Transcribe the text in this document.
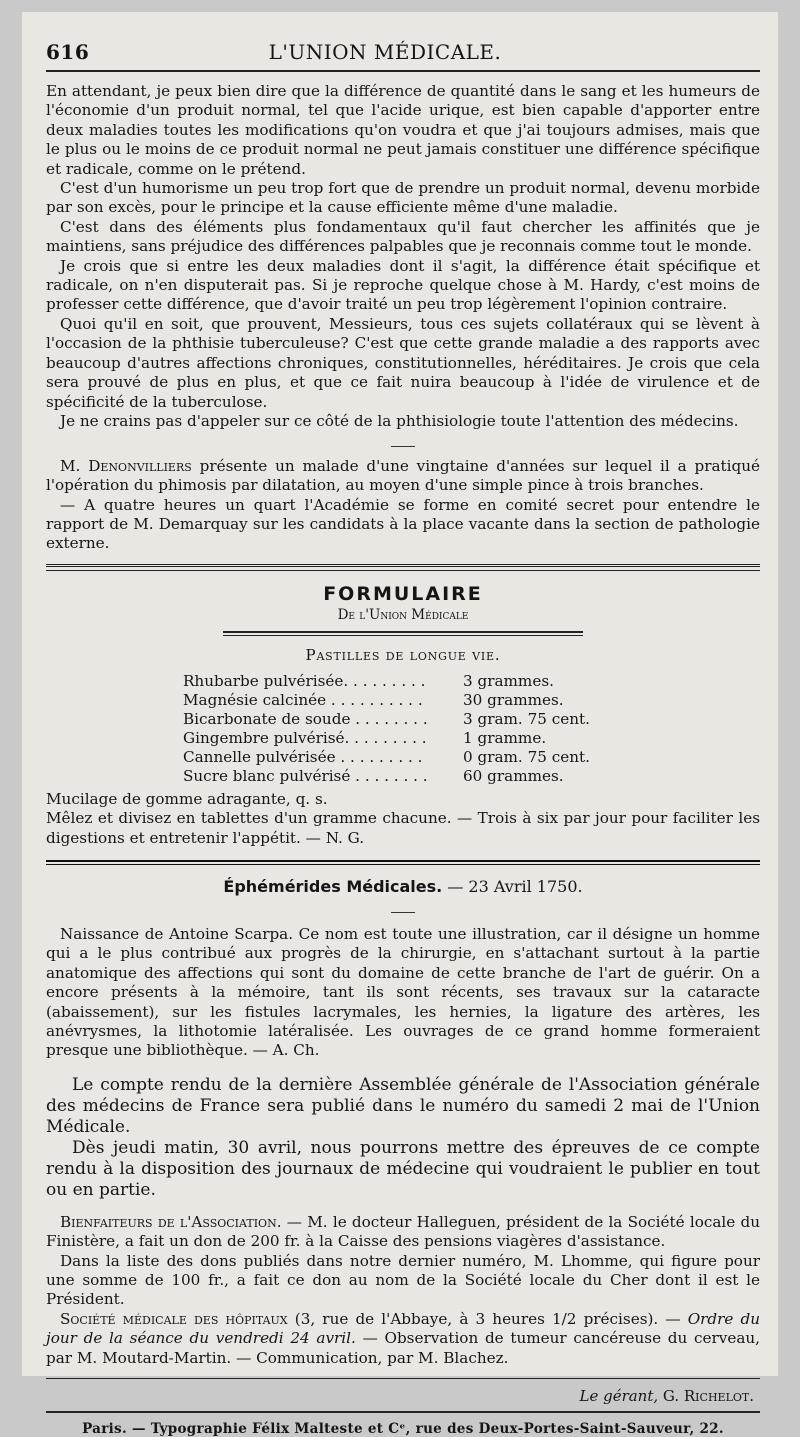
616	L'UNION MÉDICALE.

En attendant, je peux bien dire que la différence de quantité dans le sang et les humeurs de l'économie d'un produit normal, tel que l'acide urique, est bien capable d'apporter entre deux maladies toutes les modifications qu'on voudra et que j'ai toujours admises, mais que le plus ou le moins de ce produit normal ne peut jamais constituer une différence spécifique et radicale, comme on le prétend.

C'est d'un humorisme un peu trop fort que de prendre un produit normal, devenu morbide par son excès, pour le principe et la cause efficiente même d'une maladie.

C'est dans des éléments plus fondamentaux qu'il faut chercher les affinités que je maintiens, sans préjudice des différences palpables que je reconnais comme tout le monde.

Je crois que si entre les deux maladies dont il s'agit, la différence était spécifique et radicale, on n'en disputerait pas. Si je reproche quelque chose à M. Hardy, c'est moins de professer cette différence, que d'avoir traité un peu trop légèrement l'opinion contraire.

Quoi qu'il en soit, que prouvent, Messieurs, tous ces sujets collatéraux qui se lèvent à l'occasion de la phthisie tuberculeuse? C'est que cette grande maladie a des rapports avec beaucoup d'autres affections chroniques, constitutionnelles, héréditaires. Je crois que cela sera prouvé de plus en plus, et que ce fait nuira beaucoup à l'idée de virulence et de spécificité de la tuberculose.

Je ne crains pas d'appeler sur ce côté de la phthisiologie toute l'attention des médecins.

M. Denonvilliers présente un malade d'une vingtaine d'années sur lequel il a pratiqué l'opération du phimosis par dilatation, au moyen d'une simple pince à trois branches.

— A quatre heures un quart l'Académie se forme en comité secret pour entendre le rapport de M. Demarquay sur les candidats à la place vacante dans la section de pathologie externe.

FORMULAIRE
De l'Union Médicale
Pastilles de longue vie.
Rhubarbe pulvérisée. . . . . . . . .	3 grammes.
Magnésie calcinée . . . . . . . . . .	30 grammes.
Bicarbonate de soude . . . . . . . .	3 gram. 75 cent.
Gingembre pulvérisé. . . . . . . . .	1 gramme.
Cannelle pulvérisée . . . . . . . . .	0 gram. 75 cent.
Sucre blanc pulvérisé . . . . . . . .	60 grammes.

Mucilage de gomme adragante, q. s.

Mêlez et divisez en tablettes d'un gramme chacune. — Trois à six par jour pour faciliter les digestions et entretenir l'appétit. — N. G.

Éphémérides Médicales. — 23 Avril 1750.

Naissance de Antoine Scarpa. Ce nom est toute une illustration, car il désigne un homme qui a le plus contribué aux progrès de la chirurgie, en s'attachant surtout à la partie anatomique des affections qui sont du domaine de cette branche de l'art de guérir. On a encore présents à la mémoire, tant ils sont récents, ses travaux sur la cataracte (abaissement), sur les fistules lacrymales, les hernies, la ligature des artères, les anévrysmes, la lithotomie latéralisée. Les ouvrages de ce grand homme formeraient presque une bibliothèque. — A. Ch.

Le compte rendu de la dernière Assemblée générale de l'Association générale des médecins de France sera publié dans le numéro du samedi 2 mai de l'Union Médicale.

Dès jeudi matin, 30 avril, nous pourrons mettre des épreuves de ce compte rendu à la disposition des journaux de médecine qui voudraient le publier en tout ou en partie.

Bienfaiteurs de l'Association. — M. le docteur Halleguen, président de la Société locale du Finistère, a fait un don de 200 fr. à la Caisse des pensions viagères d'assistance.

Dans la liste des dons publiés dans notre dernier numéro, M. Lhomme, qui figure pour une somme de 100 fr., a fait ce don au nom de la Société locale du Cher dont il est le Président.

Société médicale des hôpitaux (3, rue de l'Abbaye, à 3 heures 1/2 précises). — Ordre du jour de la séance du vendredi 24 avril. — Observation de tumeur cancéreuse du cerveau, par M. Moutard-Martin. — Communication, par M. Blachez.

Le gérant, G. Richelot.
Paris. — Typographie Félix Malteste et Cᵉ, rue des Deux-Portes-Saint-Sauveur, 22.
